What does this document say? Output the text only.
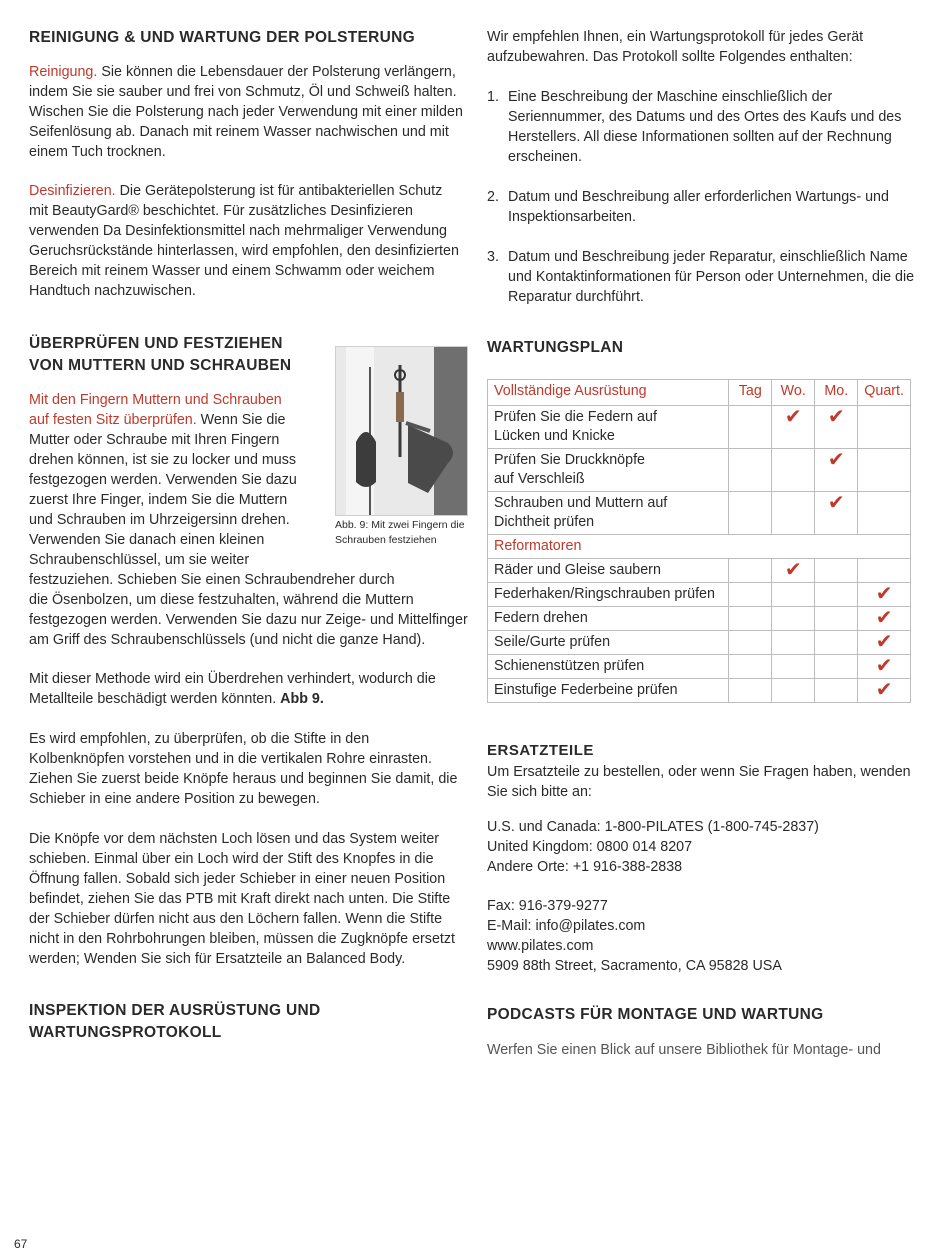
REINIGUNG & UND WARTUNG DER POLSTERUNG

Reinigung. Sie können die Lebensdauer der Polsterung verlängern, indem Sie sie sauber und frei von Schmutz, Öl und Schweiß halten. Wischen Sie die Polsterung nach jeder Verwendung mit einer milden Seifenlösung ab. Danach mit reinem Wasser nachwischen und mit einem Tuch trocknen.

Desinfizieren. Die Gerätepolsterung ist für antibakteriellen Schutz mit BeautyGard® beschichtet. Für zusätzliches Desinfizieren verwenden Da Desinfektionsmittel nach mehrmaliger Verwendung Geruchsrückstände hinterlassen, wird empfohlen, den desinfizierten Bereich mit reinem Wasser und einem Schwamm oder weichem Handtuch nachzuwischen.

ÜBERPRÜFEN UND FESTZIEHEN
VON MUTTERN UND SCHRAUBEN
Mit den Fingern Muttern und Schrauben
auf festen Sitz überprüfen. Wenn Sie die
Mutter oder Schraube mit Ihren Fingern
drehen können, ist sie zu locker und muss
festgezogen werden. Verwenden Sie dazu
zuerst Ihre Finger, indem Sie die Muttern
und Schrauben im Uhrzeigersinn drehen.
Verwenden Sie danach einen kleinen
Schraubenschlüssel, um sie weiter
festzuziehen. Schieben Sie einen Schraubendreher durch
die Ösenbolzen, um diese festzuhalten, während die Muttern
festgezogen werden. Verwenden Sie dazu nur Zeige- und Mittelfinger
am Griff des Schraubenschlüssels (und nicht die ganze Hand).
Abb. 9: Mit zwei Fingern die
Schrauben festziehen

Mit dieser Methode wird ein Überdrehen verhindert, wodurch die Metallteile beschädigt werden könnten. Abb 9.

Es wird empfohlen, zu überprüfen, ob die Stifte in den Kolbenknöpfen vorstehen und in die vertikalen Rohre einrasten. Ziehen Sie zuerst beide Knöpfe heraus und beginnen Sie damit, die Schieber in eine andere Position zu bewegen.

Die Knöpfe vor dem nächsten Loch lösen und das System weiter schieben. Einmal über ein Loch wird der Stift des Knopfes in die Öffnung fallen. Sobald sich jeder Schieber in einer neuen Position befindet, ziehen Sie das PTB mit Kraft direkt nach unten. Die Stifte der Schieber dürfen nicht aus den Löchern fallen. Wenn die Stifte nicht in den Rohrbohrungen bleiben, müssen die Zugknöpfe ersetzt werden; Wenden Sie sich für Ersatzteile an Balanced Body.

INSPEKTION DER AUSRÜSTUNG UND
WARTUNGSPROTOKOLL

Wir empfehlen Ihnen, ein Wartungsprotokoll für jedes Gerät aufzubewahren. Das Protokoll sollte Folgendes enthalten:

1. Eine Beschreibung der Maschine einschließlich der Seriennummer, des Datums und des Ortes des Kaufs und des Herstellers. All diese Informationen sollten auf der Rechnung erscheinen.
2. Datum und Beschreibung aller erforderlichen Wartungs- und Inspektionsarbeiten.
3. Datum und Beschreibung jeder Reparatur, einschließlich Name und Kontaktinformationen für Person oder Unternehmen, die die Reparatur durchführt.
WARTUNGSPLAN
Vollständige Ausrüstung	Tag	Wo.	Mo.	Quart.
Prüfen Sie die Federn auf
Lücken und Knicke		✔	✔	
Prüfen Sie Druckknöpfe
auf Verschleiß			✔	
Schrauben und Muttern auf
Dichtheit prüfen			✔	
Reformatoren				
Räder und Gleise saubern		✔		
Federhaken/Ringschrauben prüfen				✔
Federn drehen				✔
Seile/Gurte prüfen				✔
Schienenstützen prüfen				✔
Einstufige Federbeine prüfen				✔
ERSATZTEILE

Um Ersatzteile zu bestellen, oder wenn Sie Fragen haben, wenden Sie sich bitte an:

U.S. und Canada: 1-800-PILATES (1-800-745-2837)
United Kingdom: 0800 014 8207
Andere Orte: +1 916-388-2838
Fax: 916-379-9277
E-Mail: info@pilates.com
www.pilates.com
5909 88th Street, Sacramento, CA 95828 USA
PODCASTS FÜR MONTAGE UND WARTUNG

Werfen Sie einen Blick auf unsere Bibliothek für Montage- und

67
